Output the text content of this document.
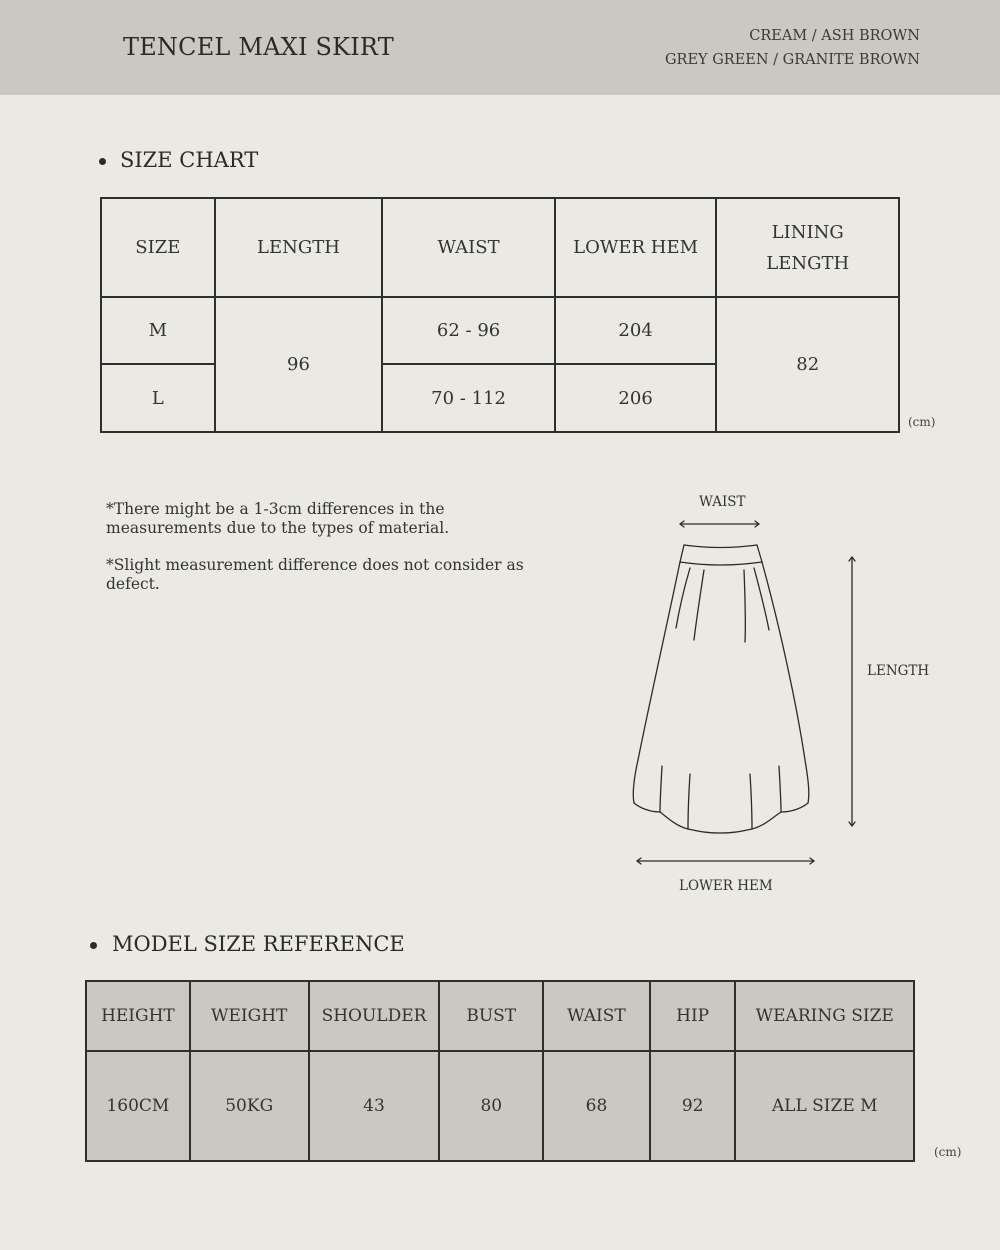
TENCEL MAXI SKIRT	CREAM / ASH BROWN
GREY GREEN / GRANITE BROWN
SIZE CHART
SIZE	LENGTH	WAIST	LOWER HEM	LINING
LENGTH
M	96	62 - 96	204	82
L		70 - 112	206	
(cm)

*There might be a 1-3cm differences in the measurements due to the types of material.

*Slight measurement difference does not consider as defect.

WAIST
LENGTH
LOWER HEM
MODEL SIZE REFERENCE
HEIGHT	WEIGHT	SHOULDER	BUST	WAIST	HIP	WEARING SIZE
160CM	50KG	43	80	68	92	ALL SIZE M
(cm)
